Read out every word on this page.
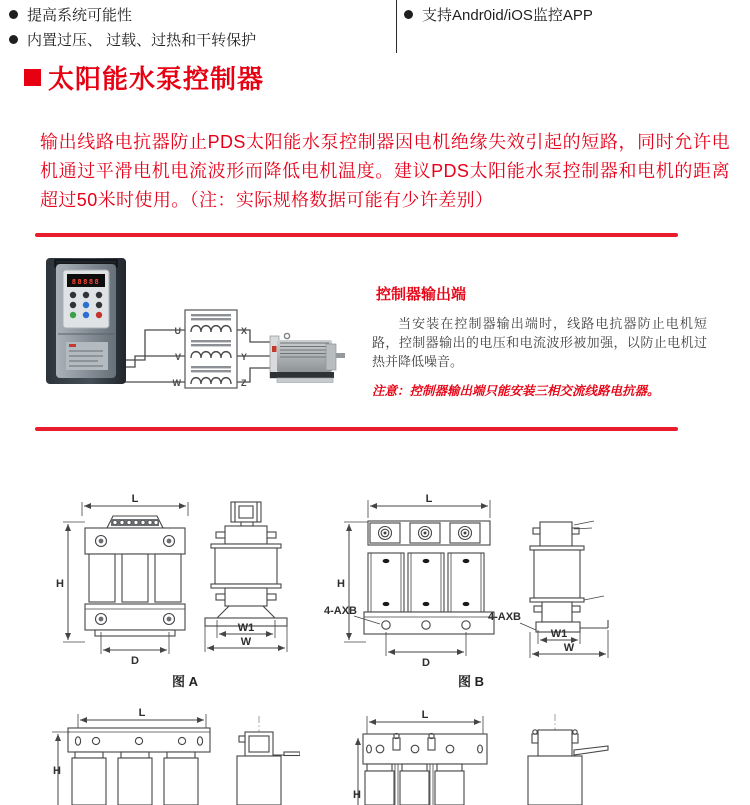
提高系统可能性
内置过压、 过载、过热和干转保护
支持Andr0id/iOS监控APP
太阳能水泵控制器

输出线路电抗器防止PDS太阳能水泵控制器因电机绝缘失效引起的短路，同时允许电机通过平滑电机电流波形而降低电机温度。建议PDS太阳能水泵控制器和电机的距离超过50米时使用。（注：实际规格数据可能有少许差别）

88888
U
V
W
X
Y
Z

控制器输出端

当安装在控制器输出端时，线路电抗器防止电机短路，控制器输出的电压和电流波形被加强，以防止电机过热并降低噪音。

注意：控制器输出端只能安装三相交流线路电抗器。

L
H
D
W1
W
图 A
L
H
D
4-AXB
W1
W
4-AXB
图 B
L
H
L
H
